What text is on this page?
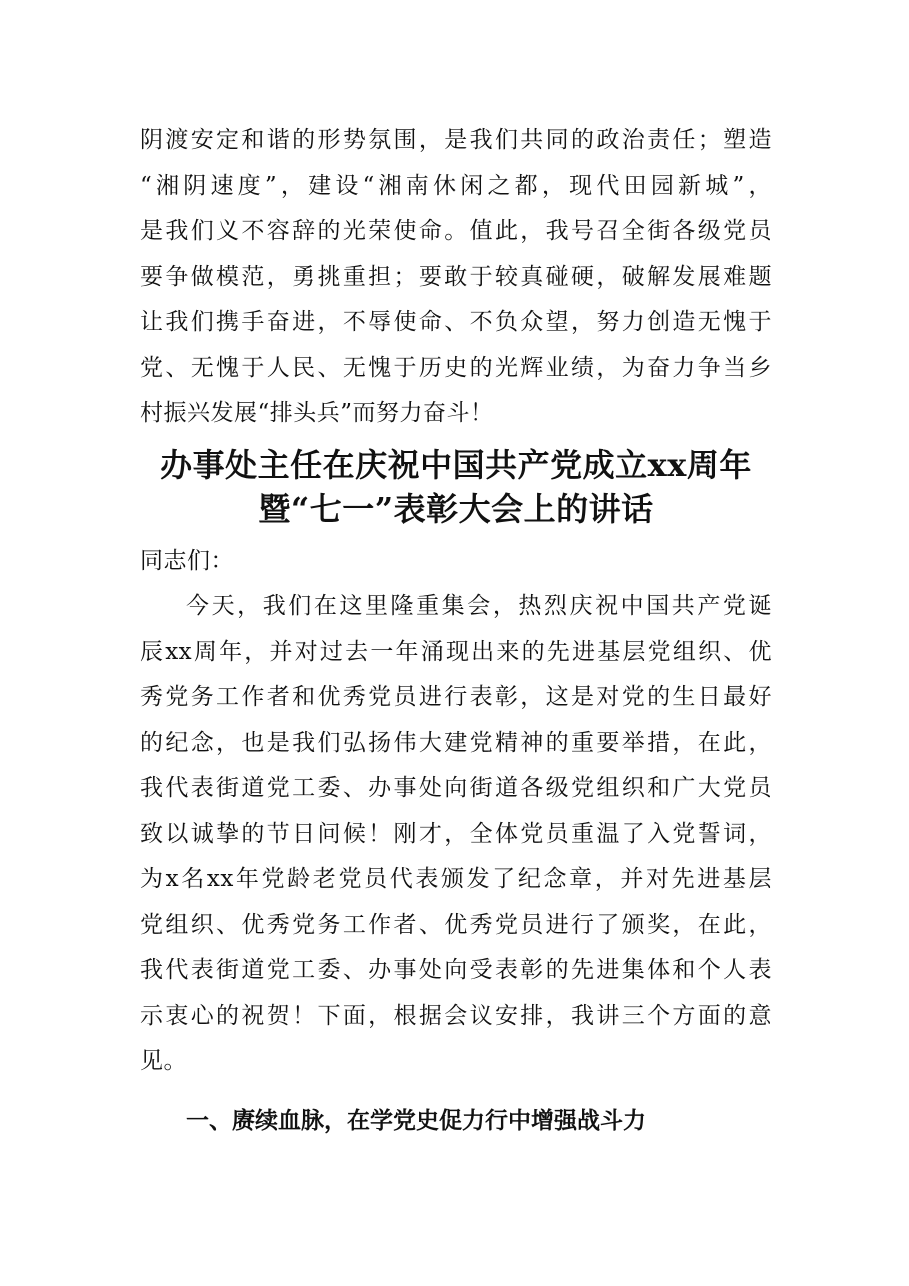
阴渡安定和谐的形势氛围，是我们共同的政治责任；塑造
“湘阴速度”，建设“湘南休闲之都，现代田园新城”，
是我们义不容辞的光荣使命。值此，我号召全街各级党员
要争做模范，勇挑重担；要敢于较真碰硬，破解发展难题
让我们携手奋进，不辱使命、不负众望，努力创造无愧于
党、无愧于人民、无愧于历史的光辉业绩，为奋力争当乡
村振兴发展“排头兵”而努力奋斗！
办事处主任在庆祝中国共产党成立xx周年
暨“七一”表彰大会上的讲话
同志们：
今天，我们在这里隆重集会，热烈庆祝中国共产党诞
辰xx周年，并对过去一年涌现出来的先进基层党组织、优
秀党务工作者和优秀党员进行表彰，这是对党的生日最好
的纪念，也是我们弘扬伟大建党精神的重要举措，在此，
我代表街道党工委、办事处向街道各级党组织和广大党员
致以诚挚的节日问候！刚才，全体党员重温了入党誓词，
为x名xx年党龄老党员代表颁发了纪念章，并对先进基层
党组织、优秀党务工作者、优秀党员进行了颁奖，在此，
我代表街道党工委、办事处向受表彰的先进集体和个人表
示衷心的祝贺！下面，根据会议安排，我讲三个方面的意
见。
一、赓续血脉，在学党史促力行中增强战斗力
